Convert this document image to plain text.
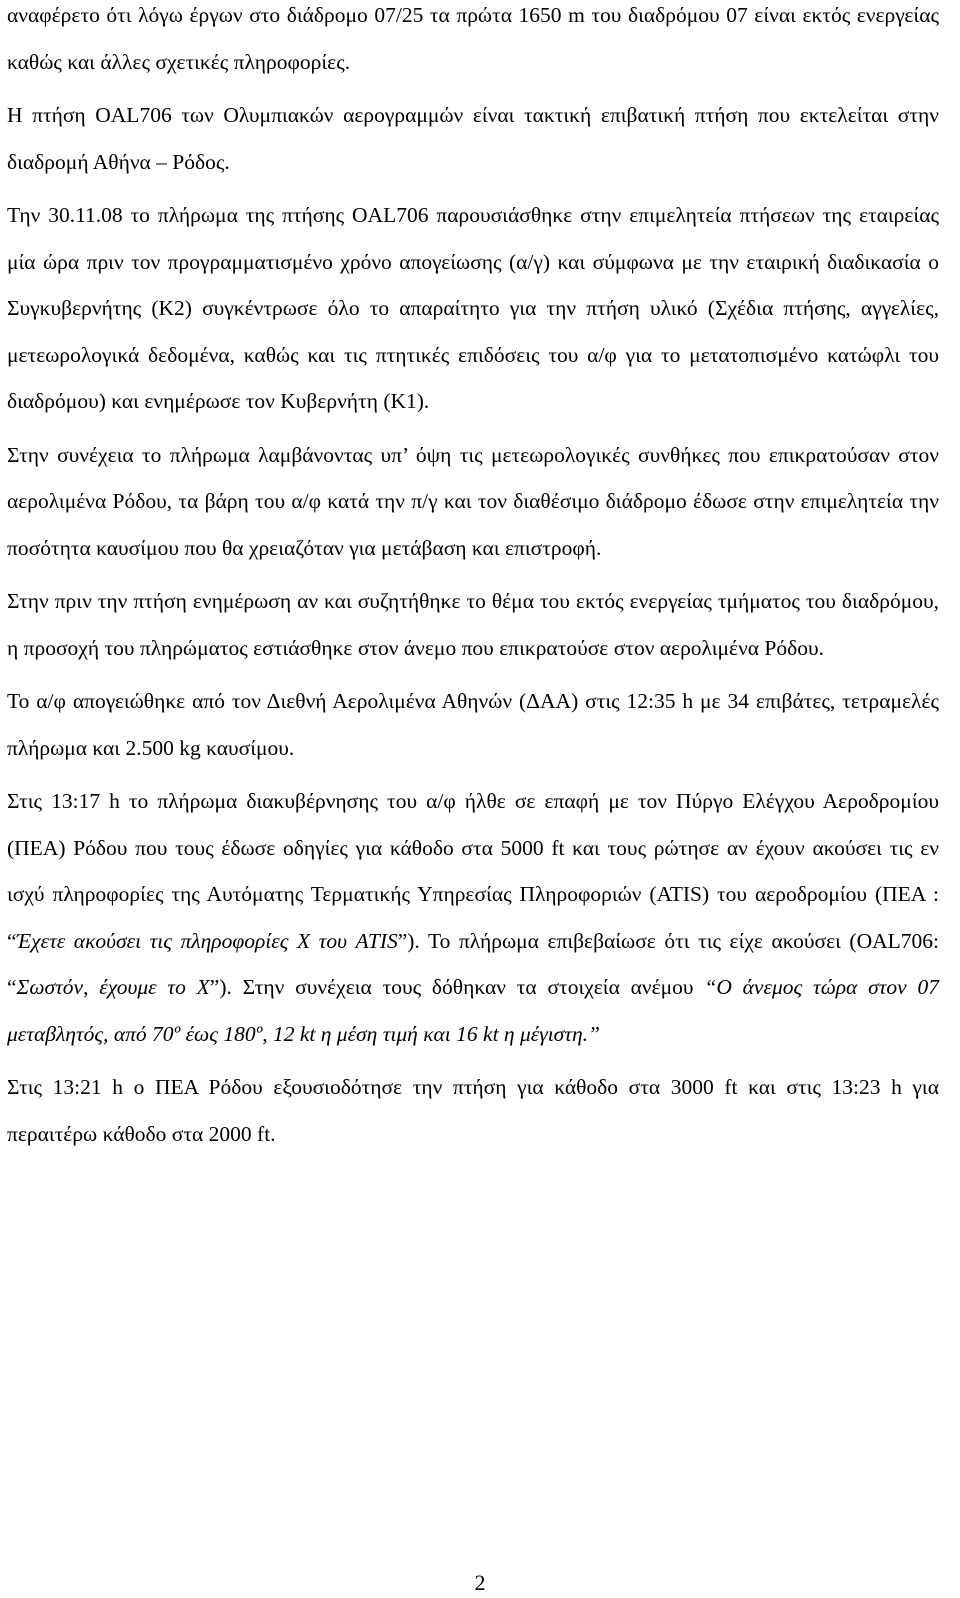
αναφέρετο ότι λόγω έργων στο διάδρομο 07/25 τα πρώτα 1650 m του διαδρόμου 07 είναι εκτός ενεργείας καθώς και άλλες σχετικές πληροφορίες.

Η πτήση OAL706 των Ολυμπιακών αερογραμμών είναι τακτική επιβατική πτήση που εκτελείται στην διαδρομή Αθήνα – Ρόδος.

Την 30.11.08 το πλήρωμα της πτήσης OAL706 παρουσιάσθηκε στην επιμελητεία πτήσεων της εταιρείας μία ώρα πριν τον προγραμματισμένο χρόνο απογείωσης (α/γ) και σύμφωνα με την εταιρική διαδικασία ο Συγκυβερνήτης (Κ2) συγκέντρωσε όλο το απαραίτητο για την πτήση υλικό (Σχέδια πτήσης, αγγελίες, μετεωρολογικά δεδομένα, καθώς και τις πτητικές επιδόσεις του α/φ για το μετατοπισμένο κατώφλι του διαδρόμου) και ενημέρωσε τον Κυβερνήτη (Κ1).

Στην συνέχεια το πλήρωμα λαμβάνοντας υπ’ όψη τις μετεωρολογικές συνθήκες που επικρατούσαν στον αερολιμένα Ρόδου, τα βάρη του α/φ κατά την π/γ και τον διαθέσιμο διάδρομο έδωσε στην επιμελητεία την ποσότητα καυσίμου που θα χρειαζόταν για μετάβαση και επιστροφή.

Στην πριν την πτήση ενημέρωση αν και συζητήθηκε το θέμα του εκτός ενεργείας τμήματος του διαδρόμου, η προσοχή του πληρώματος εστιάσθηκε στον άνεμο που επικρατούσε στον αερολιμένα Ρόδου.

Το α/φ απογειώθηκε από τον Διεθνή Αερολιμένα Αθηνών (ΔΑΑ) στις 12:35 h με 34 επιβάτες, τετραμελές πλήρωμα και 2.500 kg καυσίμου.

Στις 13:17 h το πλήρωμα διακυβέρνησης του α/φ ήλθε σε επαφή με τον Πύργο Ελέγχου Αεροδρομίου (ΠΕΑ) Ρόδου που τους έδωσε οδηγίες για κάθοδο στα 5000 ft και τους ρώτησε αν έχουν ακούσει τις εν ισχύ πληροφορίες της Αυτόματης Τερματικής Υπηρεσίας Πληροφοριών (ATIS) του αεροδρομίου (ΠΕΑ : “Έχετε ακούσει τις πληροφορίες Χ του ATIS”). Το πλήρωμα επιβεβαίωσε ότι τις είχε ακούσει (OAL706: “Σωστόν, έχουμε το Χ”). Στην συνέχεια τους δόθηκαν τα στοιχεία ανέμου “Ο άνεμος τώρα στον 07 μεταβλητός, από 70º έως 180º, 12 kt η μέση τιμή και 16 kt η μέγιστη.”

Στις 13:21 h ο ΠΕΑ Ρόδου εξουσιοδότησε την πτήση για κάθοδο στα 3000 ft και στις 13:23 h για περαιτέρω κάθοδο στα 2000 ft.

2
